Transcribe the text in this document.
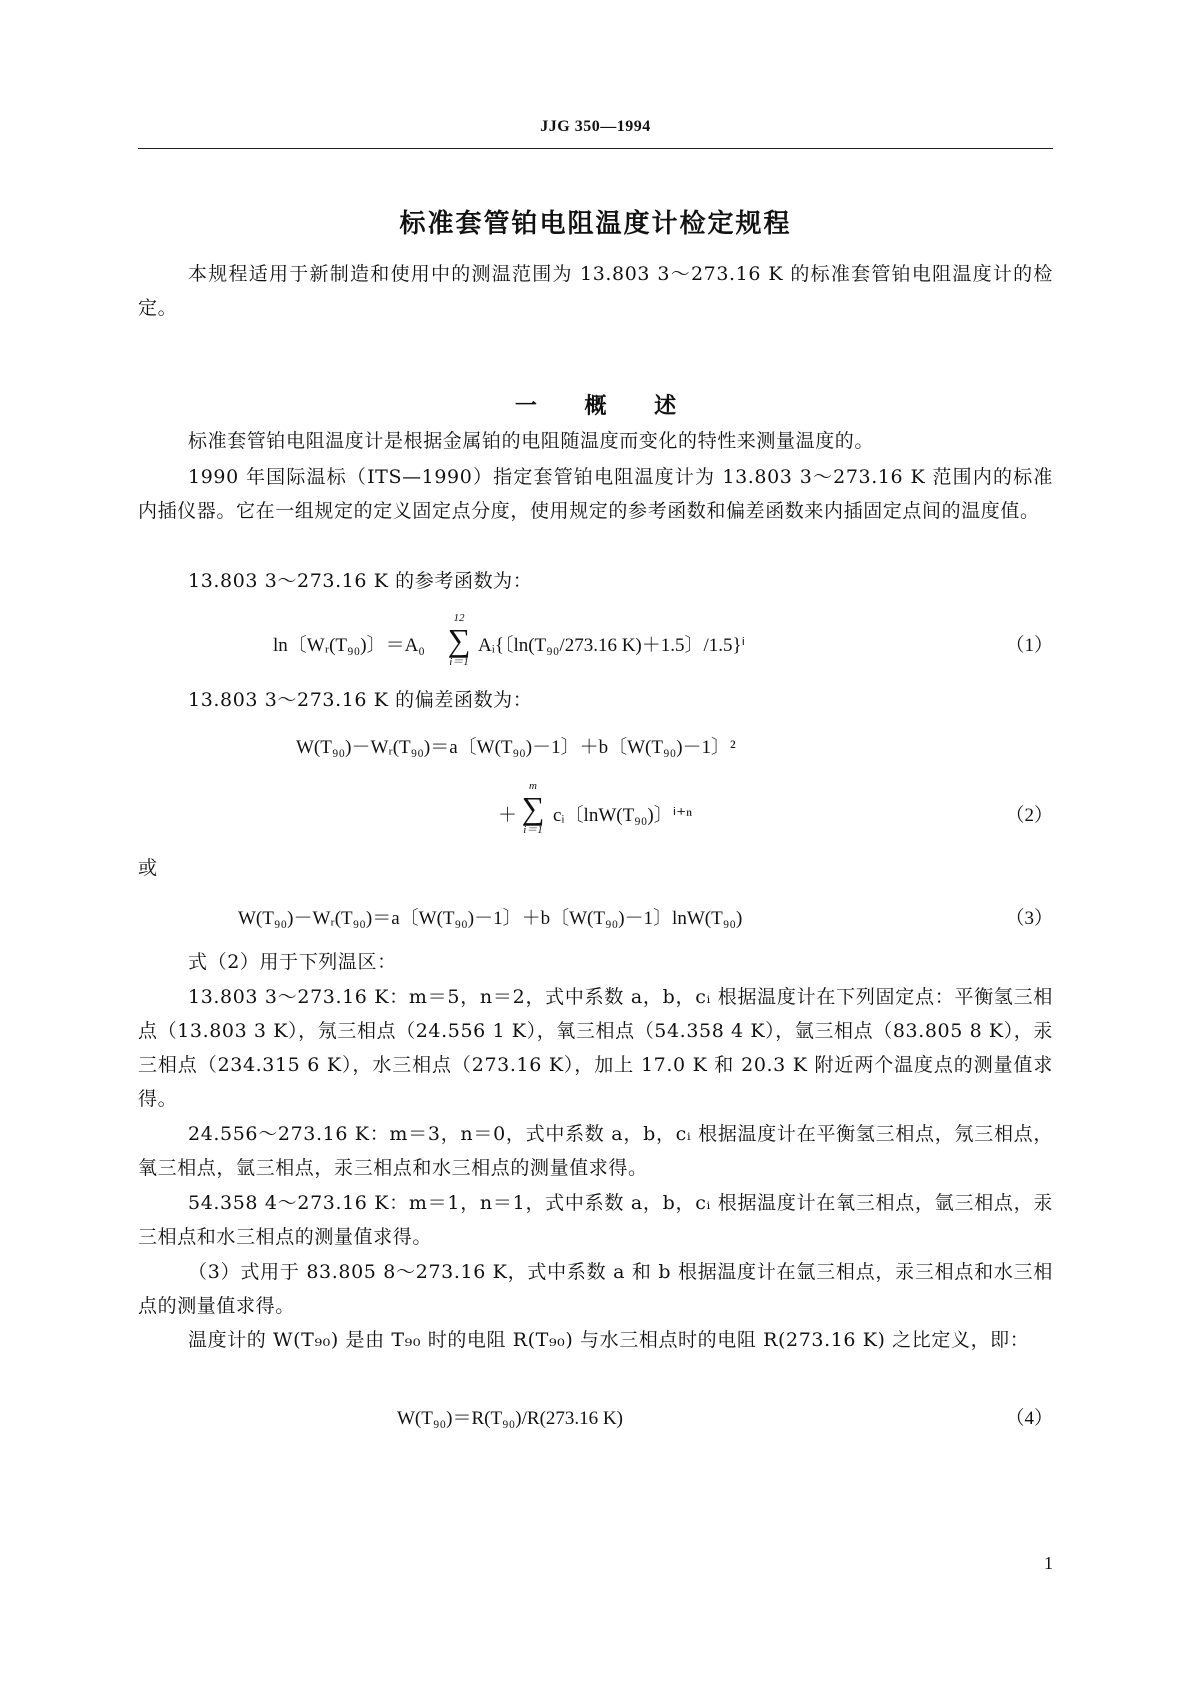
JJG 350—1994
标准套管铂电阻温度计检定规程
本规程适用于新制造和使用中的测温范围为 13.803 3～273.16 K 的标准套管铂电阻温度计的检定。
一 概 述
标准套管铂电阻温度计是根据金属铂的电阻随温度而变化的特性来测量温度的。
1990 年国际温标（ITS—1990）指定套管铂电阻温度计为 13.803 3～273.16 K 范围内的标准内插仪器。它在一组规定的定义固定点分度，使用规定的参考函数和偏差函数来内插固定点间的温度值。
13.803 3～273.16 K 的参考函数为：
ln〔Wᵣ(T₉₀)〕＝A₀
12
∑
i＝1
Aᵢ{〔ln(T₉₀/273.16 K)＋1.5〕/1.5}ⁱ	（1）
13.803 3～273.16 K 的偏差函数为：
W(T₉₀)－Wᵣ(T₉₀)＝a〔W(T₉₀)－1〕＋b〔W(T₉₀)－1〕²
＋
m
∑
i＝1
cᵢ〔lnW(T₉₀)〕ⁱ⁺ⁿ	（2）
或
W(T₉₀)－Wᵣ(T₉₀)＝a〔W(T₉₀)－1〕＋b〔W(T₉₀)－1〕lnW(T₉₀)	（3）
式（2）用于下列温区：
13.803 3～273.16 K：m＝5，n＝2，式中系数 a，b，cᵢ 根据温度计在下列固定点：平衡氢三相点（13.803 3 K），氖三相点（24.556 1 K），氧三相点（54.358 4 K），氩三相点（83.805 8 K），汞三相点（234.315 6 K），水三相点（273.16 K），加上 17.0 K 和 20.3 K 附近两个温度点的测量值求得。
24.556～273.16 K：m＝3，n＝0，式中系数 a，b，cᵢ 根据温度计在平衡氢三相点，氖三相点，氧三相点，氩三相点，汞三相点和水三相点的测量值求得。
54.358 4～273.16 K：m＝1，n＝1，式中系数 a，b，cᵢ 根据温度计在氧三相点，氩三相点，汞三相点和水三相点的测量值求得。
（3）式用于 83.805 8～273.16 K，式中系数 a 和 b 根据温度计在氩三相点，汞三相点和水三相点的测量值求得。
温度计的 W(T₉₀) 是由 T₉₀ 时的电阻 R(T₉₀) 与水三相点时的电阻 R(273.16 K) 之比定义，即：
W(T₉₀)＝R(T₉₀)/R(273.16 K)	（4）
1
